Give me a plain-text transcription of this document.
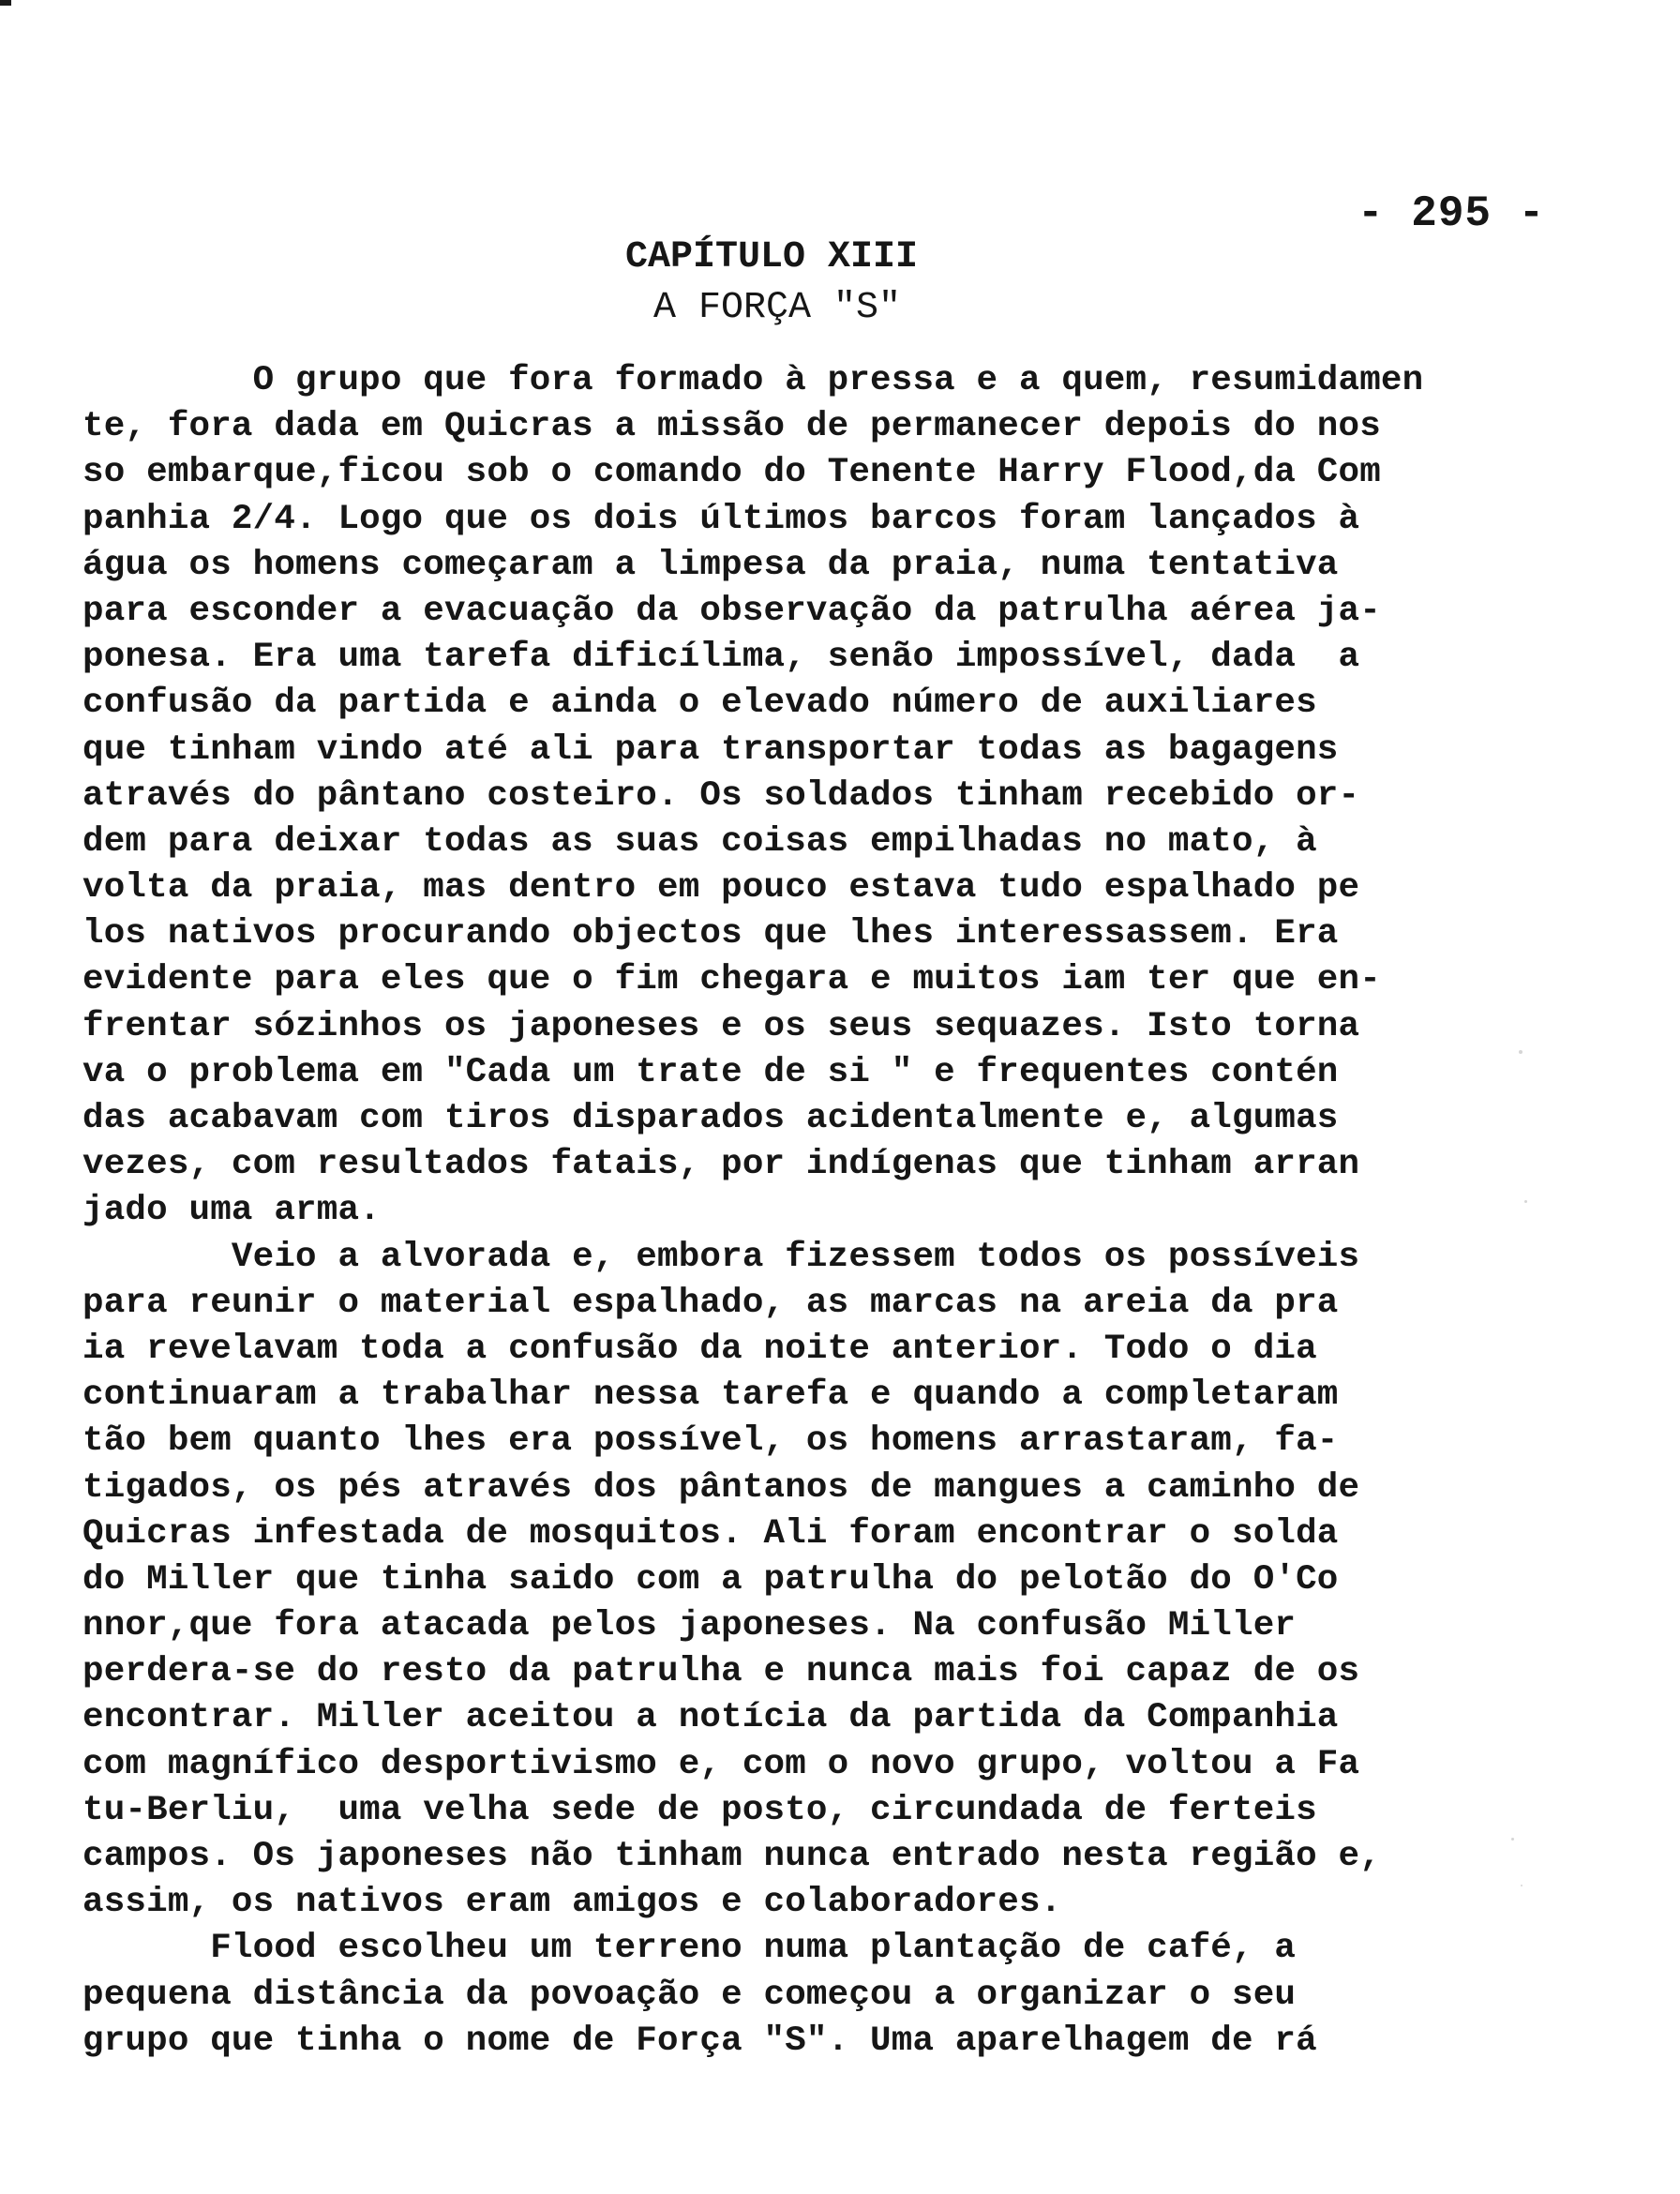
- 295 -
CAPÍTULO XIII
A FORÇA "S"
O grupo que fora formado à pressa e a quem, resumidamen
te, fora dada em Quicras a missão de permanecer depois do nos
so embarque,ficou sob o comando do Tenente Harry Flood,da Com
panhia 2/4. Logo que os dois últimos barcos foram lançados à
água os homens começaram a limpesa da praia, numa tentativa
para esconder a evacuação da observação da patrulha aérea ja-
ponesa. Era uma tarefa dificílima, senão impossível, dada  a
confusão da partida e ainda o elevado número de auxiliares
que tinham vindo até ali para transportar todas as bagagens
através do pântano costeiro. Os soldados tinham recebido or-
dem para deixar todas as suas coisas empilhadas no mato, à
volta da praia, mas dentro em pouco estava tudo espalhado pe
los nativos procurando objectos que lhes interessassem. Era
evidente para eles que o fim chegara e muitos iam ter que en-
frentar sózinhos os japoneses e os seus sequazes. Isto torna
va o problema em "Cada um trate de si " e frequentes contén
das acabavam com tiros disparados acidentalmente e, algumas
vezes, com resultados fatais, por indígenas que tinham arran
jado uma arma.
Veio a alvorada e, embora fizessem todos os possíveis
para reunir o material espalhado, as marcas na areia da pra
ia revelavam toda a confusão da noite anterior. Todo o dia
continuaram a trabalhar nessa tarefa e quando a completaram
tão bem quanto lhes era possível, os homens arrastaram, fa-
tigados, os pés através dos pântanos de mangues a caminho de
Quicras infestada de mosquitos. Ali foram encontrar o solda
do Miller que tinha saido com a patrulha do pelotão do O'Co
nnor,que fora atacada pelos japoneses. Na confusão Miller
perdera-se do resto da patrulha e nunca mais foi capaz de os
encontrar. Miller aceitou a notícia da partida da Companhia
com magnífico desportivismo e, com o novo grupo, voltou a Fa
tu-Berliu,  uma velha sede de posto, circundada de ferteis
campos. Os japoneses não tinham nunca entrado nesta região e,
assim, os nativos eram amigos e colaboradores.
Flood escolheu um terreno numa plantação de café, a
pequena distância da povoação e começou a organizar o seu
grupo que tinha o nome de Força "S". Uma aparelhagem de rá
